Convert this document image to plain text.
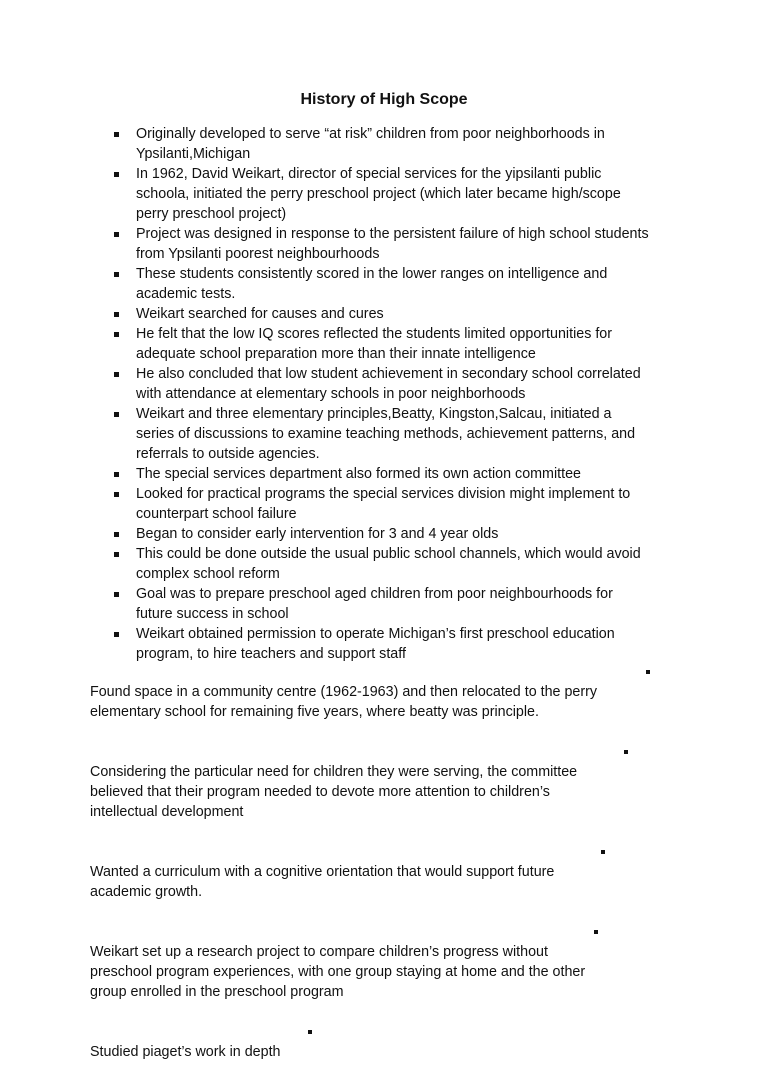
History of High Scope
Originally developed to serve “at risk” children from poor neighborhoods in
Ypsilanti,Michigan
In 1962, David Weikart, director of special services for the yipsilanti public
schoola, initiated the perry preschool project (which later became high/scope
perry preschool project)
Project was designed in response to the persistent failure of high school students
from Ypsilanti poorest neighbourhoods
These students consistently scored in the lower ranges on intelligence and
academic tests.
Weikart searched for causes and cures
He felt that the low IQ scores reflected the students limited opportunities for
adequate school preparation more than their innate intelligence
He also concluded that low student achievement in secondary school correlated
with attendance at elementary schools in poor neighborhoods
Weikart and three elementary principles,Beatty, Kingston,Salcau, initiated a
series of discussions to examine teaching methods, achievement patterns, and
referrals to outside agencies.
The special services department also formed its own action committee
Looked for practical programs the special services division might implement to
counterpart school failure
Began to consider early intervention for 3 and 4 year olds
This could be done outside the usual public school channels, which would avoid
complex school reform
Goal was to prepare preschool aged children from poor neighbourhoods for
future success in school
Weikart obtained permission to operate Michigan’s first preschool education
program, to hire teachers and support staff

Found space in a community centre (1962-1963) and then relocated to the perry
elementary school for remaining five years, where beatty was principle.

Considering the particular need for children they were serving, the committee
believed that their program needed to devote more attention to children’s
intellectual development

Wanted a curriculum with a cognitive orientation that would support future
academic growth.

Weikart set up a research project to compare children’s progress without
preschool program experiences, with one group staying at home and the other
group enrolled in the preschool program

Studied piaget’s work in depth
